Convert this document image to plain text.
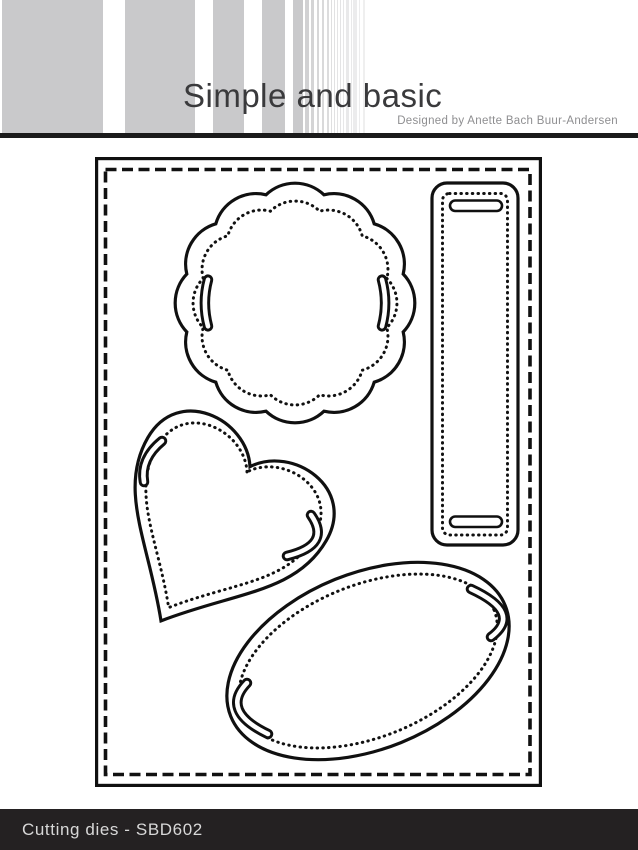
Simple and basic
Designed by Anette Bach Buur-Andersen
Cutting dies - SBD602
